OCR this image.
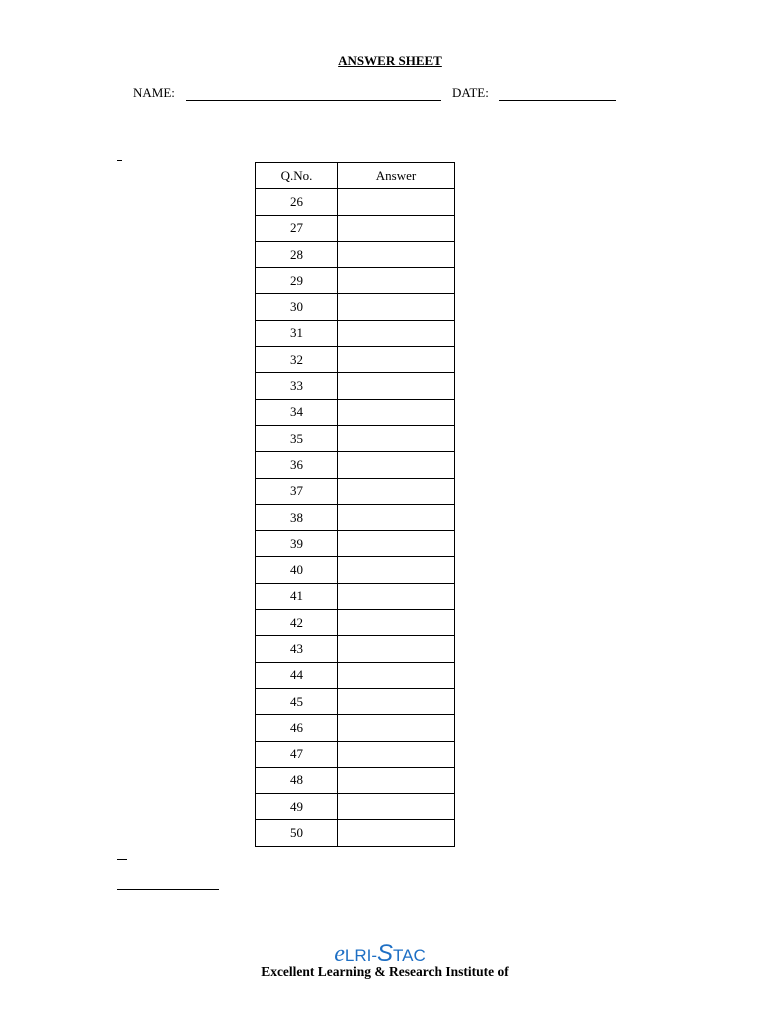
ANSWER SHEET
NAME:	DATE:
Q.No.	Answer
26	
27	
28	
29	
30	
31	
32	
33	
34	
35	
36	
37	
38	
39	
40	
41	
42	
43	
44	
45	
46	
47	
48	
49	
50	
eLRI-STAC
Excellent Learning & Research Institute of
